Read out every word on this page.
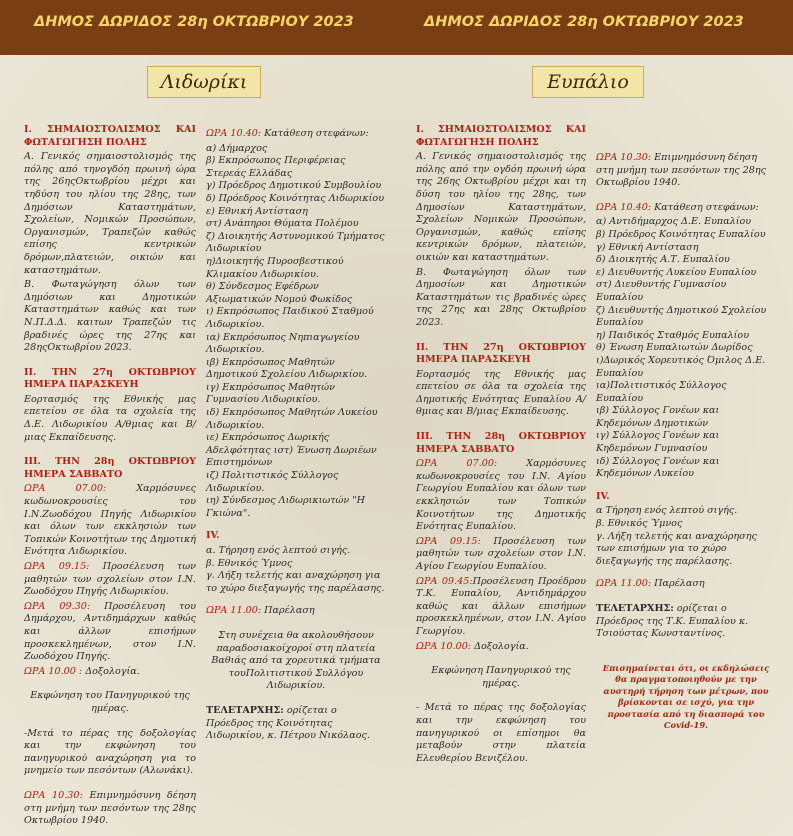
ΔΗΜΟΣ ΔΩΡΙΔΟΣ 28η ΟΚΤΩΒΡΙΟΥ 2023	ΔΗΜΟΣ ΔΩΡΙΔΟΣ 28η ΟΚΤΩΒΡΙΟΥ 2023
Λιδωρίκι	Ευπάλιο

Ι. ΣΗΜΑΙΟΣΤΟΛΙΣΜΟΣ ΚΑΙ ΦΩΤΑΓΩΓΗΣΗ ΠΟΛΗΣ

Α. Γενικός σημαιοστολισμός της πόλης από τηνογδόη πρωινή ώρα της 26ηςΟκτωβρίου μέχρι και τηδύση του ηλίου της 28ης, των Δημόσιων Καταστημάτων, Σχολείων, Νομικών Προσώπων, Οργανισμών, Τραπεζών καθώς επίσης κεντρικών δρόμων,πλατειών, οικιών και καταστημάτων.

Β. Φωταγώγηση όλων των Δημόσιων και Δημοτικών Καταστημάτων καθώς και των Ν.Π.Δ.Δ. καιτων Τραπεζών τις βραδινές ώρες της 27ης και 28ηςΟκτωβρίου 2023.

ΙΙ. ΤΗΝ 27η ΟΚΤΩΒΡΙΟΥ ΗΜΕΡΑ ΠΑΡΑΣΚΕΥΗ

Εορτασμός της Εθνικής μας επετείου σε όλα τα σχολεία της Δ.Ε. Λιδωρικίου Α/θμιας και Β/μιας Εκπαίδευσης.

ΙΙΙ. ΤΗΝ 28η ΟΚΤΩΒΡΙΟΥ ΗΜΕΡΑ ΣΑΒΒΑΤΟ

ΩΡΑ 07.00: Χαρμόσυνες κωδωνοκρουσίες του Ι.Ν.Ζωοδόχου Πηγής Λιδωρικίου και όλων των εκκλησιών των Τοπικών Κοινοτήτων της Δημοτική Ενότητα Λιδωρικίου.

ΩΡΑ 09.15: Προσέλευση των μαθητών των σχολείων στον Ι.Ν. Ζωοδόχου Πηγής Λιδωρικίου.

ΩΡΑ 09.30: Προσέλευση του Δημάρχου, Αντιδημάρχων καθώς και άλλων επισήμων προσκεκλημένων, στον Ι.Ν. Ζωοδόχου Πηγής.

ΩΡΑ 10.00 : Δοξολογία.

Εκφώνηση του Πανηγυρικού της ημέρας.

-Μετά το πέρας της δοξολογίας και την εκφώνηση του πανηγυρικού αναχώρηση για το μνημείο των πεσόντων (Αλωνάκι).

ΩΡΑ 10.30: Επιμνημόσυνη δέηση στη μνήμη των πεσόντων της 28ης Οκτωβρίου 1940.

ΩΡΑ 10.40: Κατάθεση στεφάνων:

α) Δήμαρχος
β) Εκπρόσωπος Περιφέρειας Στερεάς Ελλάδας
γ) Πρόεδρος Δημοτικού Συμβουλίου
δ) Πρόεδρος Κοινότητας Λιδωρικίου
ε) Εθνική Αντίσταση
στ) Ανάπηροι Θύματα Πολέμου
ζ) Διοικητής Αστυνομικού Τμήματος Λιδωρικίου
η)Διοικητής Πυροσβεστικού Κλιμακίου Λιδωρικίου.
θ) Σύνδεσμος Εφέδρων Αξιωματικών Νομού Φωκίδος
ι) Εκπρόσωπος Παιδικού Σταθμού Λιδωρικίου.
ια) Εκπρόσωπος Νηπιαγωγείου Λιδωρικίου.
ιβ) Εκπρόσωπος Μαθητών Δημοτικού Σχολείου Λιδωρικίου.
ιγ) Εκπρόσωπος Μαθητών Γυμνασίου Λιδωρικίου.
ιδ) Εκπρόσωπος Μαθητών Λυκείου Λιδωρικίου.
ιε) Εκπρόσωπος Δωρικής Αδελφότητας ιστ) Ένωση Δωριέων Επιστημόνων
ιζ) Πολιτιστικός Σύλλογος Λιδωρικίου.
ιη) Σύνδεσμος Λιδωρικιωτών "Η Γκιώνα".

IV.

α. Τήρηση ενός λεπτού σιγής.
β. Εθνικός Ύμνος
γ. Λήξη τελετής και αναχώρηση για το χώρο διεξαγωγής της παρέλασης.

ΩΡΑ 11.00: Παρέλαση

Στη συνέχεια θα ακολουθήσουν παραδοσιακοίχοροί στη πλατεία Βαθιάς από τα χορευτικά τμήματα τουΠολιτιστικού Συλλόγου Λιδωρικίου.

ΤΕΛΕΤΑΡΧΗΣ: ορίζεται ο Πρόεδρος της Κοινότητας Λιδωρικίου, κ. Πέτρου Νικόλαος.

Ι. ΣΗΜΑΙΟΣΤΟΛΙΣΜΟΣ ΚΑΙ ΦΩΤΑΓΩΓΗΣΗ ΠΟΛΗΣ

Α. Γενικός σημαιοστολισμός της πόλης από την ογδόη πρωινή ώρα της 26ης Οκτωβρίου μέχρι και τη δύση του ηλίου της 28ης, των Δημοσίων Καταστημάτων, Σχολείων Νομικών Προσώπων, Οργανισμών, καθώς επίσης κεντρικών δρόμων, πλατειών, οικιών και καταστημάτων.

Β. Φωταγώγηση όλων των Δημοσίων και Δημοτικών Καταστημάτων τις βραδινές ώρες της 27ης και 28ης Οκτωβρίου 2023.

ΙΙ. ΤΗΝ 27η ΟΚΤΩΒΡΙΟΥ ΗΜΕΡΑ ΠΑΡΑΣΚΕΥΗ

Εορτασμός της Εθνικής μας επετείου σε όλα τα σχολεία της Δημοτικής Ενότητας Ευπαλίου Α/θμιας και Β/μιας Εκπαίδευσης.

ΙΙΙ. ΤΗΝ 28η ΟΚΤΩΒΡΙΟΥ ΗΜΕΡΑ ΣΑΒΒΑΤΟ

ΩΡΑ 07.00: Χαρμόσυνες κωδωνοκρουσίες του Ι.Ν. Αγίου Γεωργίου Ευπαλίου και όλων των εκκλησιών των Τοπικών Κοινοτήτων της Δημοτικής Ενότητας Ευπαλίου.

ΩΡΑ 09.15: Προσέλευση των μαθητών των σχολείων στον Ι.Ν. Αγίου Γεωργίου Ευπαλίου.

ΩΡΑ 09.45:Προσέλευση Προέδρου Τ.Κ. Ευπαλίου, Αντιδημάρχου καθώς και άλλων επισήμων προσκεκλημένων, στον Ι.Ν. Αγίου Γεωργίου.

ΩΡΑ 10.00: Δοξολογία.

Εκφώνηση Πανηγυρικού της ημέρας.

- Μετά το πέρας της δοξολογίας και την εκφώνηση του πανηγυρικού οι επίσημοι θα μεταβούν στην πλατεία Ελευθερίου Βενιζέλου.

ΩΡΑ 10.30: Επιμνημόσυνη δέηση στη μνήμη των πεσόντων της 28ης Οκτωβρίου 1940.

ΩΡΑ 10.40: Κατάθεση στεφάνων:

α) Αντιδήμαρχος Δ.Ε. Ευπαλίου
β) Πρόεδρος Κοινότητας Ευπαλίου
γ) Εθνική Αντίσταση
δ) Διοικητής Α.Τ. Ευπαλίου
ε) Διευθυντής Λυκείου Ευπαλίου
στ) Διευθυντής Γυμνασίου Ευπαλίου
ζ) Διευθυντής Δημοτικού Σχολείου Ευπαλίου
η) Παιδικός Σταθμός Ευπαλίου
θ) Ένωση Ευπαλιωτών Δωρίδος
ι)Δωρικός Χορευτικός Όμιλος Δ.Ε. Ευπαλίου
ια)Πολιτιστικός Σύλλογος Ευπαλίου
ιβ) Σύλλογος Γονέων και Κηδεμόνων Δημοτικών
ιγ) Σύλλογος Γονέων και Κηδεμόνων Γυμνασίου
ιδ) Σύλλογος Γονέων και Κηδεμόνων Λυκείου

IV.

α Τήρηση ενός λεπτού σιγής.
β. Εθνικός Ύμνος
γ. Λήξη τελετής και αναχώρησης των επισήμων για το χώρο διεξαγωγής της παρέλασης.

ΩΡΑ 11.00: Παρέλαση

ΤΕΛΕΤΑΡΧΗΣ: ορίζεται ο Πρόεδρος της Τ.Κ. Ευπαλίου κ. Τσιούστας Κωνσταντίνος.

Επισημαίνεται ότι, οι εκδηλώσεις θα πραγματοποιηθούν με την αυστηρή τήρηση των μέτρων, που βρίσκονται σε ισχύ, για την προστασία από τη διασπορά του Covid-19.
